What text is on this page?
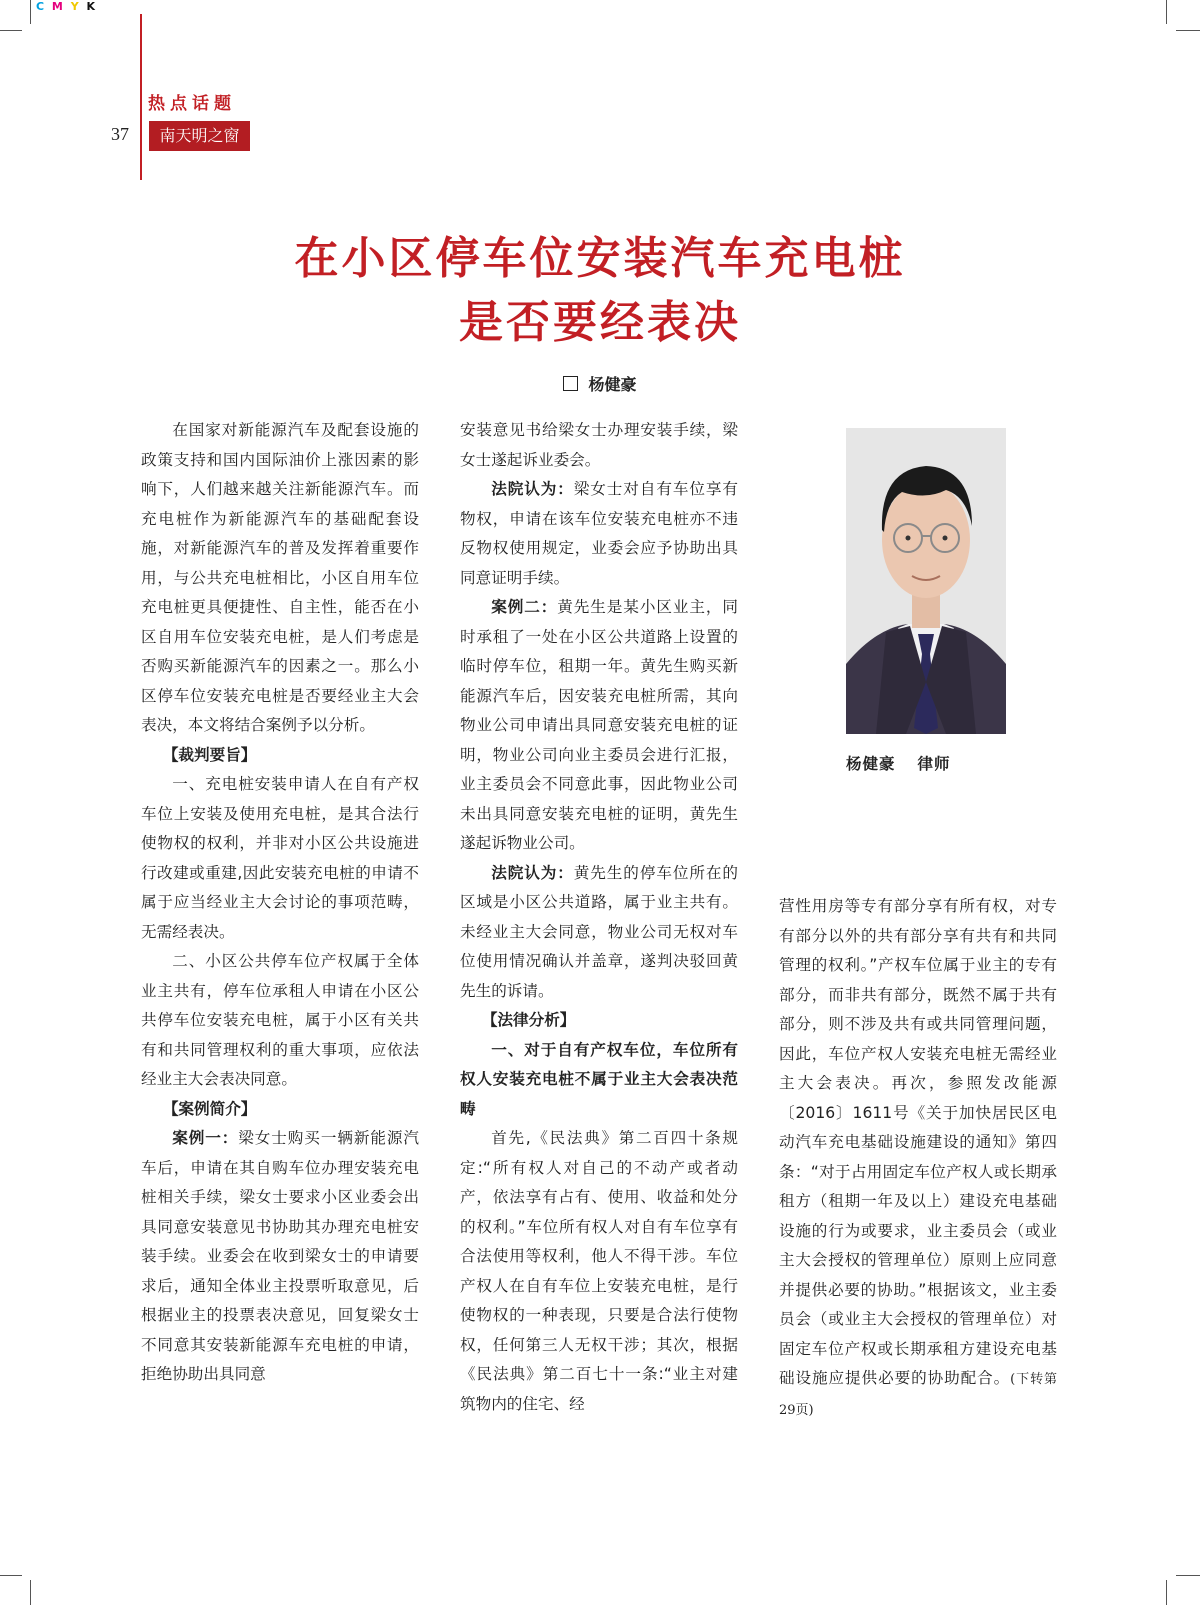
C M Y K
热点话题
37	南天明之窗
在小区停车位安装汽车充电桩
是否要经表决
杨健豪

在国家对新能源汽车及配套设施的政策支持和国内国际油价上涨因素的影响下，人们越来越关注新能源汽车。而充电桩作为新能源汽车的基础配套设施，对新能源汽车的普及发挥着重要作用，与公共充电桩相比，小区自用车位充电桩更具便捷性、自主性，能否在小区自用车位安装充电桩，是人们考虑是否购买新能源汽车的因素之一。那么小区停车位安装充电桩是否要经业主大会表决，本文将结合案例予以分析。

【裁判要旨】

一、充电桩安装申请人在自有产权车位上安装及使用充电桩，是其合法行使物权的权利，并非对小区公共设施进行改建或重建,因此安装充电桩的申请不属于应当经业主大会讨论的事项范畴，无需经表决。

二、小区公共停车位产权属于全体业主共有，停车位承租人申请在小区公共停车位安装充电桩，属于小区有关共有和共同管理权利的重大事项，应依法经业主大会表决同意。

【案例简介】

案例一：梁女士购买一辆新能源汽车后，申请在其自购车位办理安装充电桩相关手续，梁女士要求小区业委会出具同意安装意见书协助其办理充电桩安装手续。业委会在收到梁女士的申请要求后，通知全体业主投票听取意见，后根据业主的投票表决意见，回复梁女士不同意其安装新能源车充电桩的申请，拒绝协助出具同意

安装意见书给梁女士办理安装手续，梁女士遂起诉业委会。

法院认为：梁女士对自有车位享有物权，申请在该车位安装充电桩亦不违反物权使用规定，业委会应予协助出具同意证明手续。

案例二：黄先生是某小区业主，同时承租了一处在小区公共道路上设置的临时停车位，租期一年。黄先生购买新能源汽车后，因安装充电桩所需，其向物业公司申请出具同意安装充电桩的证明，物业公司向业主委员会进行汇报，业主委员会不同意此事，因此物业公司未出具同意安装充电桩的证明，黄先生遂起诉物业公司。

法院认为：黄先生的停车位所在的区域是小区公共道路，属于业主共有。未经业主大会同意，物业公司无权对车位使用情况确认并盖章，遂判决驳回黄先生的诉请。

【法律分析】

一、对于自有产权车位，车位所有权人安装充电桩不属于业主大会表决范畴

首先,《民法典》第二百四十条规定:“所有权人对自己的不动产或者动产，依法享有占有、使用、收益和处分的权利。”车位所有权人对自有车位享有合法使用等权利，他人不得干涉。车位产权人在自有车位上安装充电桩，是行使物权的一种表现，只要是合法行使物权，任何第三人无权干涉；其次，根据《民法典》第二百七十一条:“业主对建筑物内的住宅、经

杨健豪 律师

营性用房等专有部分享有所有权，对专有部分以外的共有部分享有共有和共同管理的权利。”产权车位属于业主的专有部分，而非共有部分，既然不属于共有部分，则不涉及共有或共同管理问题，因此，车位产权人安装充电桩无需经业主大会表决。再次，参照发改能源〔2016〕1611号《关于加快居民区电动汽车充电基础设施建设的通知》第四条：“对于占用固定车位产权人或长期承租方（租期一年及以上）建设充电基础设施的行为或要求，业主委员会（或业主大会授权的管理单位）原则上应同意并提供必要的协助。”根据该文，业主委员会（或业主大会授权的管理单位）对固定车位产权或长期承租方建设充电基础设施应提供必要的协助配合。(下转第29页)
